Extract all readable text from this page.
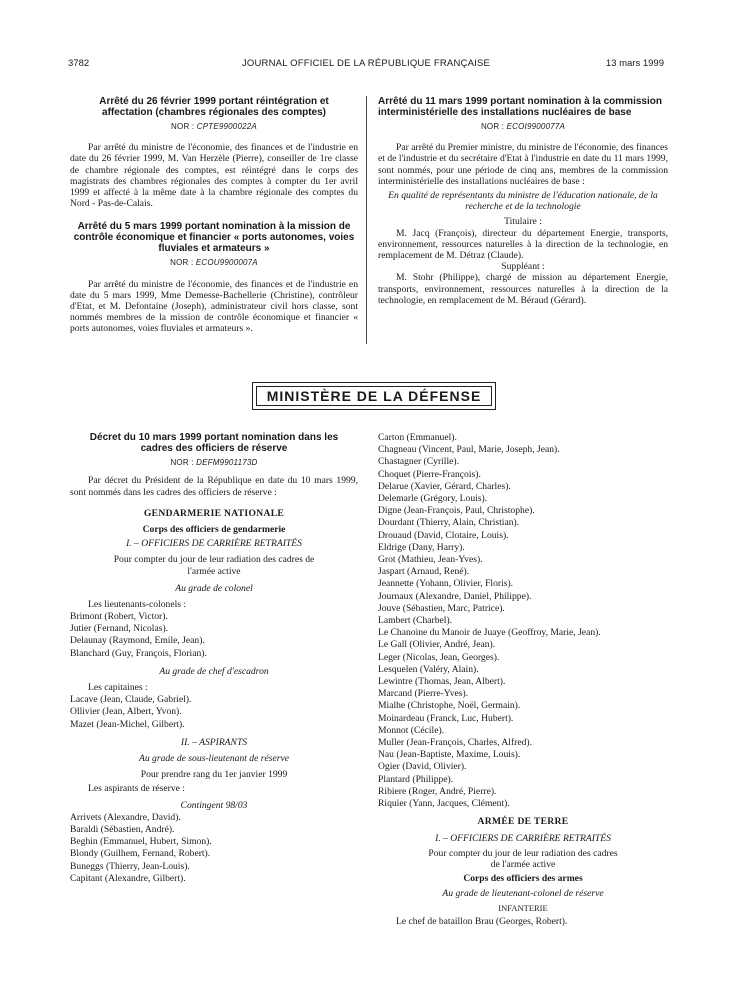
3782	JOURNAL OFFICIEL DE LA RÉPUBLIQUE FRANÇAISE	13 mars 1999

Arrêté du 26 février 1999 portant réintégration et affectation (chambres régionales des comptes)

NOR : CPTE9900022A

Par arrêté du ministre de l'économie, des finances et de l'industrie en date du 26 février 1999, M. Van Herzèle (Pierre), conseiller de 1re classe de chambre régionale des comptes, est réintégré dans le corps des magistrats des chambres régionales des comptes à compter du 1er avril 1999 et affecté à la même date à la chambre régionale des comptes du Nord - Pas-de-Calais.

Arrêté du 5 mars 1999 portant nomination à la mission de contrôle économique et financier « ports autonomes, voies fluviales et armateurs »

NOR : ECOU9900007A

Par arrêté du ministre de l'économie, des finances et de l'industrie en date du 5 mars 1999, Mme Demesse-Bachellerie (Christine), contrôleur d'Etat, et M. Defontaine (Joseph), administrateur civil hors classe, sont nommés membres de la mission de contrôle économique et financier « ports autonomes, voies fluviales et armateurs ».

Arrêté du 11 mars 1999 portant nomination à la commission interministérielle des installations nucléaires de base

NOR : ECOI9900077A

Par arrêté du Premier ministre, du ministre de l'économie, des finances et de l'industrie et du secrétaire d'Etat à l'industrie en date du 11 mars 1999, sont nommés, pour une période de cinq ans, membres de la commission interministérielle des installations nucléaires de base :

En qualité de représentants du ministre de l'éducation nationale, de la recherche et de la technologie

Titulaire :

M. Jacq (François), directeur du département Energie, transports, environnement, ressources naturelles à la direction de la technologie, en remplacement de M. Détraz (Claude).

Suppléant :

M. Stohr (Philippe), chargé de mission au département Energie, transports, environnement, ressources naturelles à la direction de la technologie, en remplacement de M. Béraud (Gérard).

MINISTÈRE DE LA DÉFENSE

Décret du 10 mars 1999 portant nomination dans les cadres des officiers de réserve

NOR : DEFM9901173D

Par décret du Président de la République en date du 10 mars 1999, sont nommés dans les cadres des officiers de réserve :

GENDARMERIE NATIONALE

Corps des officiers de gendarmerie

I. – OFFICIERS DE CARRIÈRE RETRAITÉS

Pour compter du jour de leur radiation des cadres de l'armée active

Au grade de colonel

Les lieutenants-colonels :

Brimont (Robert, Victor).
Jutier (Fernand, Nicolas).
Delaunay (Raymond, Emile, Jean).
Blanchard (Guy, François, Florian).

Au grade de chef d'escadron

Les capitaines :

Lacave (Jean, Claude, Gabriel).
Ollivier (Jean, Albert, Yvon).
Mazet (Jean-Michel, Gilbert).

II. – ASPIRANTS

Au grade de sous-lieutenant de réserve

Pour prendre rang du 1er janvier 1999

Les aspirants de réserve :

Contingent 98/03

Arrivets (Alexandre, David).
Baraldi (Sébastien, André).
Beghin (Emmanuel, Hubert, Simon).
Blondy (Guilhem, Fernand, Robert).
Buneggs (Thierry, Jean-Louis).
Capitant (Alexandre, Gilbert).
Carton (Emmanuel).
Chagneau (Vincent, Paul, Marie, Joseph, Jean).
Chastagner (Cyrille).
Choquet (Pierre-François).
Delarue (Xavier, Gérard, Charles).
Delemarle (Grégory, Louis).
Digne (Jean-François, Paul, Christophe).
Dourdant (Thierry, Alain, Christian).
Drouaud (David, Clotaire, Louis).
Eldrige (Dany, Harry).
Grot (Mathieu, Jean-Yves).
Jaspart (Arnaud, René).
Jeannette (Yohann, Olivier, Floris).
Journaux (Alexandre, Daniel, Philippe).
Jouve (Sébastien, Marc, Patrice).
Lambert (Charbel).
Le Chanoine du Manoir de Juaye (Geoffroy, Marie, Jean).
Le Gall (Olivier, André, Jean).
Leger (Nicolas, Jean, Georges).
Lesquelen (Valéry, Alain).
Lewintre (Thomas, Jean, Albert).
Marcand (Pierre-Yves).
Mialhe (Christophe, Noël, Germain).
Moinardeau (Franck, Luc, Hubert).
Monnot (Cécile).
Muller (Jean-François, Charles, Alfred).
Nau (Jean-Baptiste, Maxime, Louis).
Ogier (David, Olivier).
Plantard (Philippe).
Ribiere (Roger, André, Pierre).
Riquier (Yann, Jacques, Clément).

ARMÉE DE TERRE

I. – OFFICIERS DE CARRIÈRE RETRAITÉS

Pour compter du jour de leur radiation des cadres de l'armée active

Corps des officiers des armes

Au grade de lieutenant-colonel de réserve

INFANTERIE

Le chef de bataillon Brau (Georges, Robert).
